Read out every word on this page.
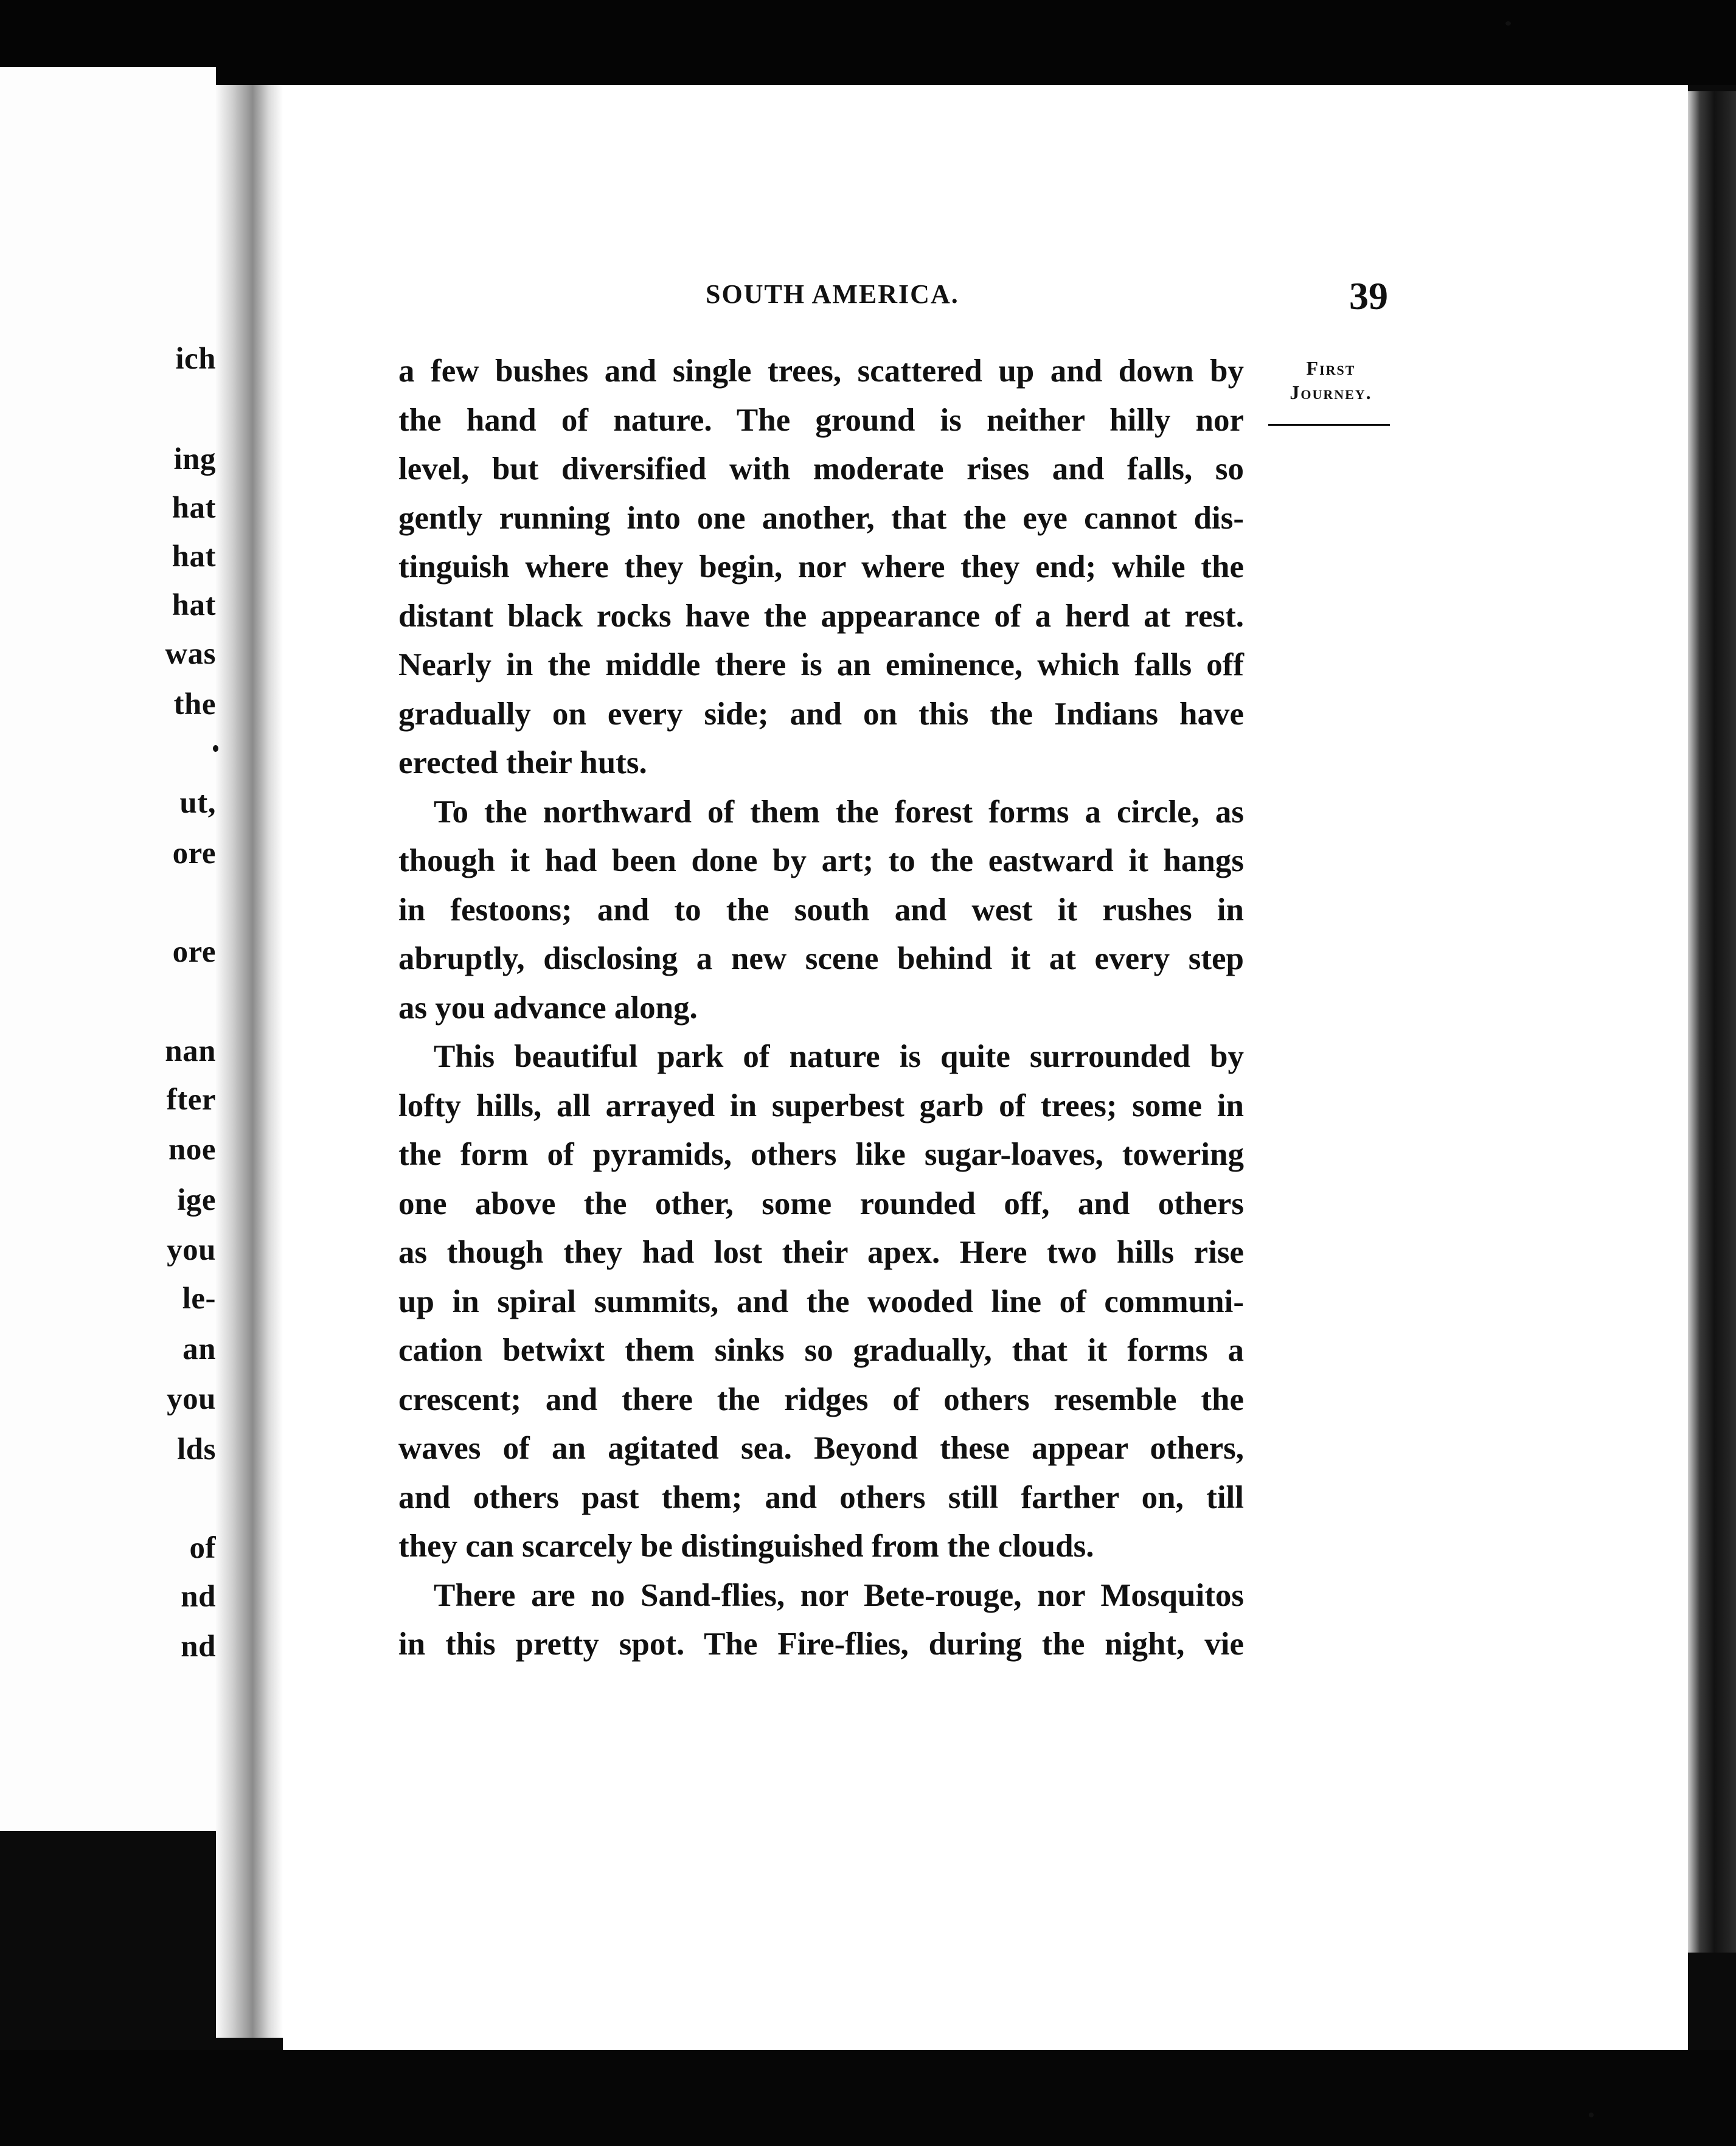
ich
ing
hat
hat
hat
was
the
ut,
ore
ore
nan
fter
noe
ige
you
le-
an
you
lds
of
nd
nd
SOUTH AMERICA.	39
First
Journey.
a few bushes and single trees, scattered up and down by
the hand of nature. The ground is neither hilly nor
level, but diversified with moderate rises and falls, so
gently running into one another, that the eye cannot dis-
tinguish where they begin, nor where they end; while the
distant black rocks have the appearance of a herd at rest.
Nearly in the middle there is an eminence, which falls off
gradually on every side; and on this the Indians have
erected their huts.
To the northward of them the forest forms a circle, as
though it had been done by art; to the eastward it hangs
in festoons; and to the south and west it rushes in
abruptly, disclosing a new scene behind it at every step
as you advance along.
This beautiful park of nature is quite surrounded by
lofty hills, all arrayed in superbest garb of trees; some in
the form of pyramids, others like sugar-loaves, towering
one above the other, some rounded off, and others
as though they had lost their apex. Here two hills rise
up in spiral summits, and the wooded line of communi-
cation betwixt them sinks so gradually, that it forms a
crescent; and there the ridges of others resemble the
waves of an agitated sea. Beyond these appear others,
and others past them; and others still farther on, till
they can scarcely be distinguished from the clouds.
There are no Sand-flies, nor Bete-rouge, nor Mosquitos
in this pretty spot. The Fire-flies, during the night, vie
